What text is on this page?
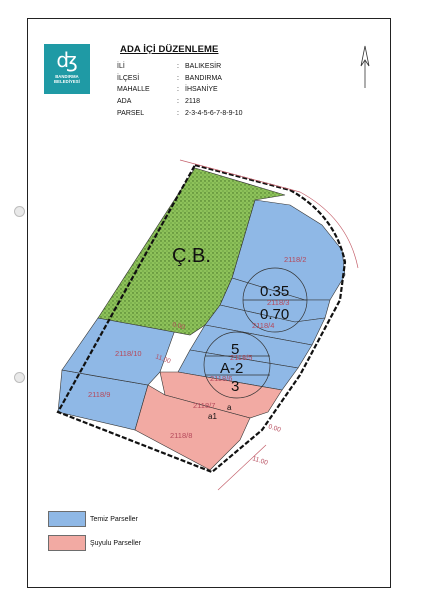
ʤ
BANDIRMA BELEDİYESİ
ADA İÇİ DÜZENLEME
İLİ	: BALIKESİR
İLÇESİ	: BANDIRMA
MAHALLE	: İHSANİYE
ADA	: 2118
PARSEL	: 2-3-4-5-6-7-8-9-10
Ç.B.
0.35
0.70
5
A-2
3
2118/2
2118/3
2118/4
2118/5
2118/6
2118/7
2118/8
2118/9
2118/10
a
a1
11.00
11.00
0.00
0.00
Temiz Parseller
Şuyulu Parseller
